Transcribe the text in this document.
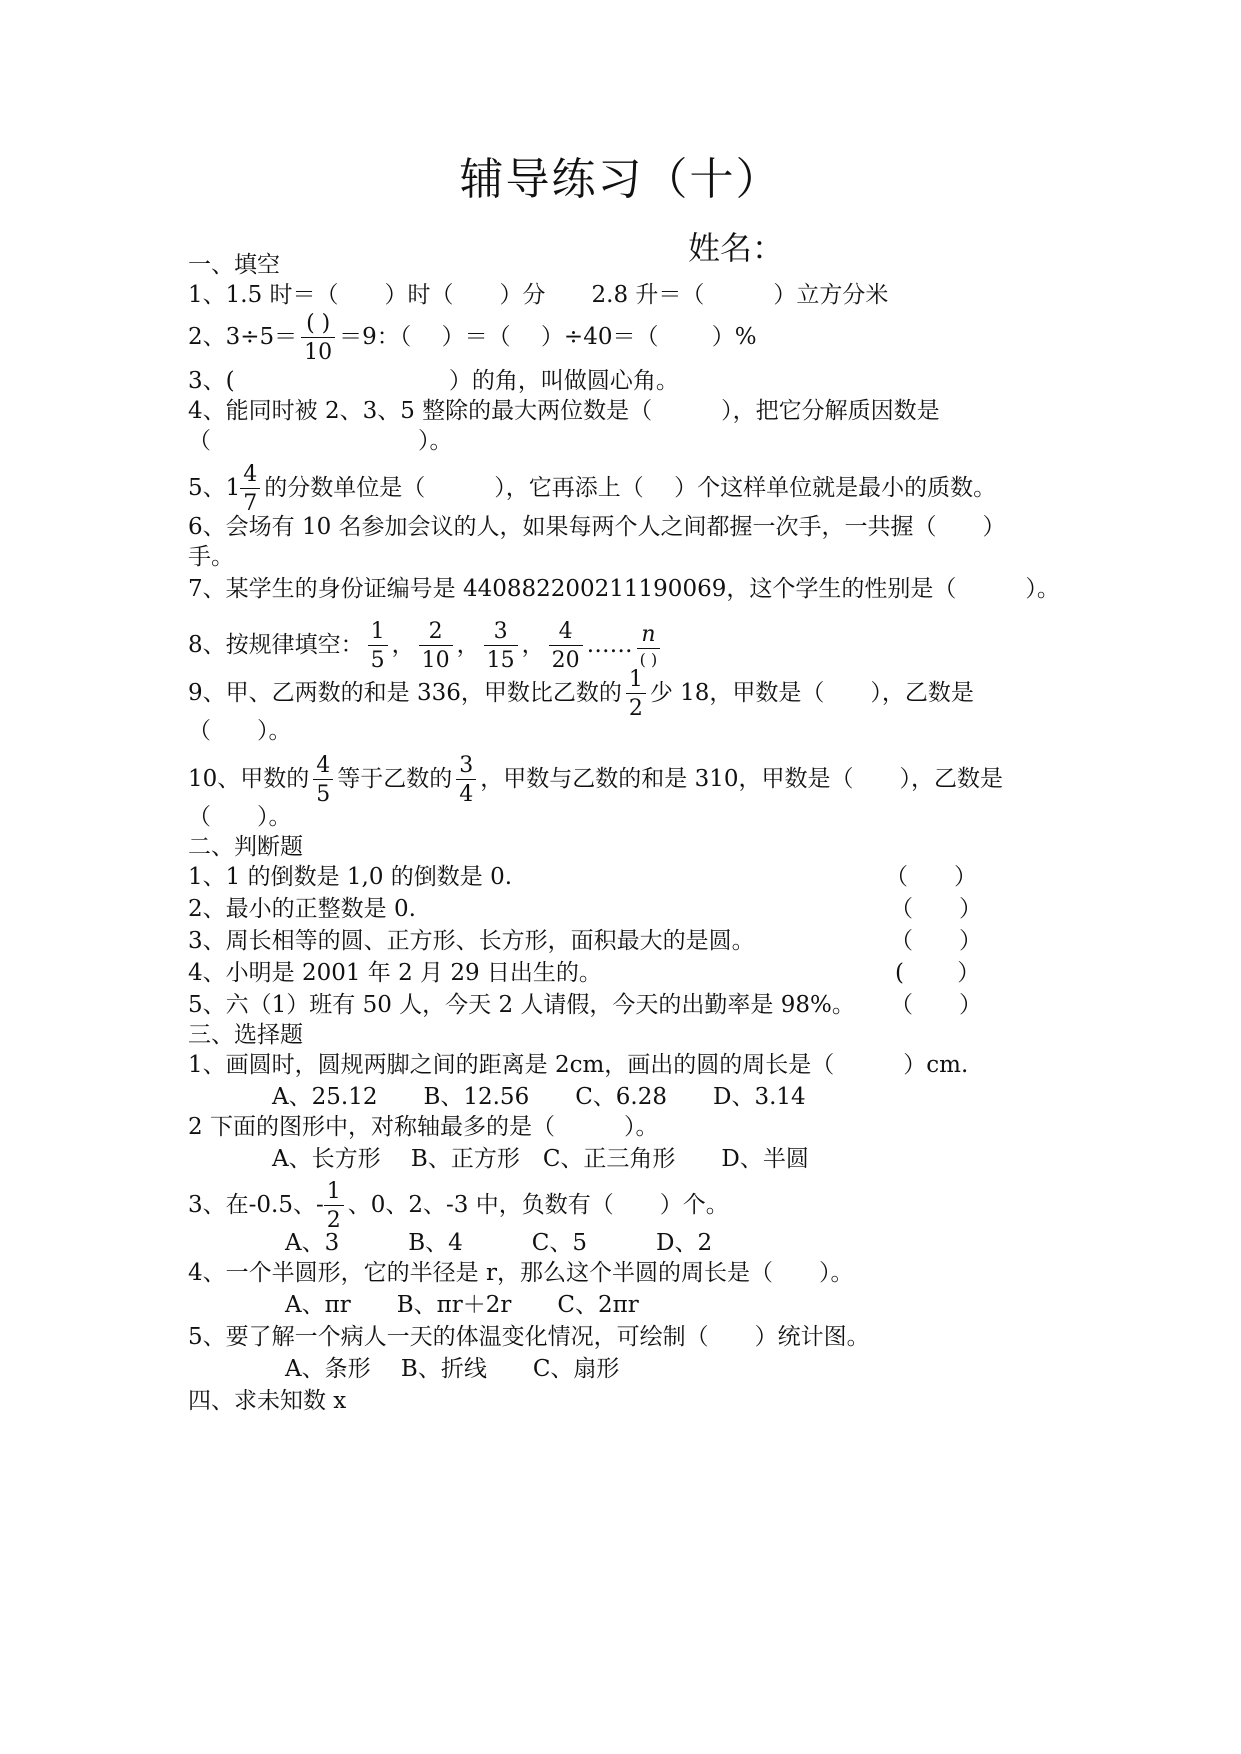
辅导练习（十）
姓名：
一、填空
1、1.5 时＝（　　）时（　　）分　　2.8 升＝（　　　）立方分米
2、$3\div 5= \frac{( )}{10} =9$：（　 ）＝（　 ）÷40＝（　　 ）%
3、(　　　　　　　　　 ）的角，叫做圆心角。
4、能同时被 2、3、5 整除的最大两位数是（　　　），把它分解质因数是
（　　　　　　　　　）。
5、$1 \frac{4}{7}$ 的分数单位是（　　　），它再添上（　 ）个这样单位就是最小的质数。
6、会场有 10 名参加会议的人，如果每两个人之间都握一次手，一共握（　　）
手。
7、某学生的身份证编号是 440882200211190069，这个学生的性别是（　　　）。
8、按规律填空： $\frac{1}{5}$ ， $\frac{2}{10}$ ， $\frac{3}{15}$ ， $\frac{4}{20}$ …… $\frac{n}{( )}$
9、甲、乙两数的和是 336，甲数比乙数的 $\frac{1}{2}$ 少 18，甲数是（　　），乙数是
（　　）。
10、甲数的 $\frac{4}{5}$ 等于乙数的 $\frac{3}{4}$ ，甲数与乙数的和是 310，甲数是（　　），乙数是
（　　）。
二、判断题
1、1 的倒数是 1,0 的倒数是 0.	（　　）
2、最小的正整数是 0.	（　　）
3、周长相等的圆、正方形、长方形，面积最大的是圆。	（　　）
4、小明是 2001 年 2 月 29 日出生的。	(　　 ）
5、六（1）班有 50 人，今天 2 人请假，今天的出勤率是 98%。 （　　）
三、选择题
1、画圆时，圆规两脚之间的距离是 2cm，画出的圆的周长是（　　　）cm.
A、25.12　　B、12.56　　C、6.28　　D、3.14
2 下面的图形中，对称轴最多的是（　　　）。
A、长方形　 B、正方形　C、正三角形　　D、半圆
3、在-0.5、- $\frac{1}{2}$ 、0、2、-3 中，负数有（　　）个。
A、3　　　B、4　　　C、5　　　D、2
4、一个半圆形，它的半径是 r，那么这个半圆的周长是（　　）。
A、πr　　B、πr＋2r　　C、2πr
5、要了解一个病人一天的体温变化情况，可绘制（　　）统计图。
A、条形　 B、折线　　C、扇形
四、求未知数 x
